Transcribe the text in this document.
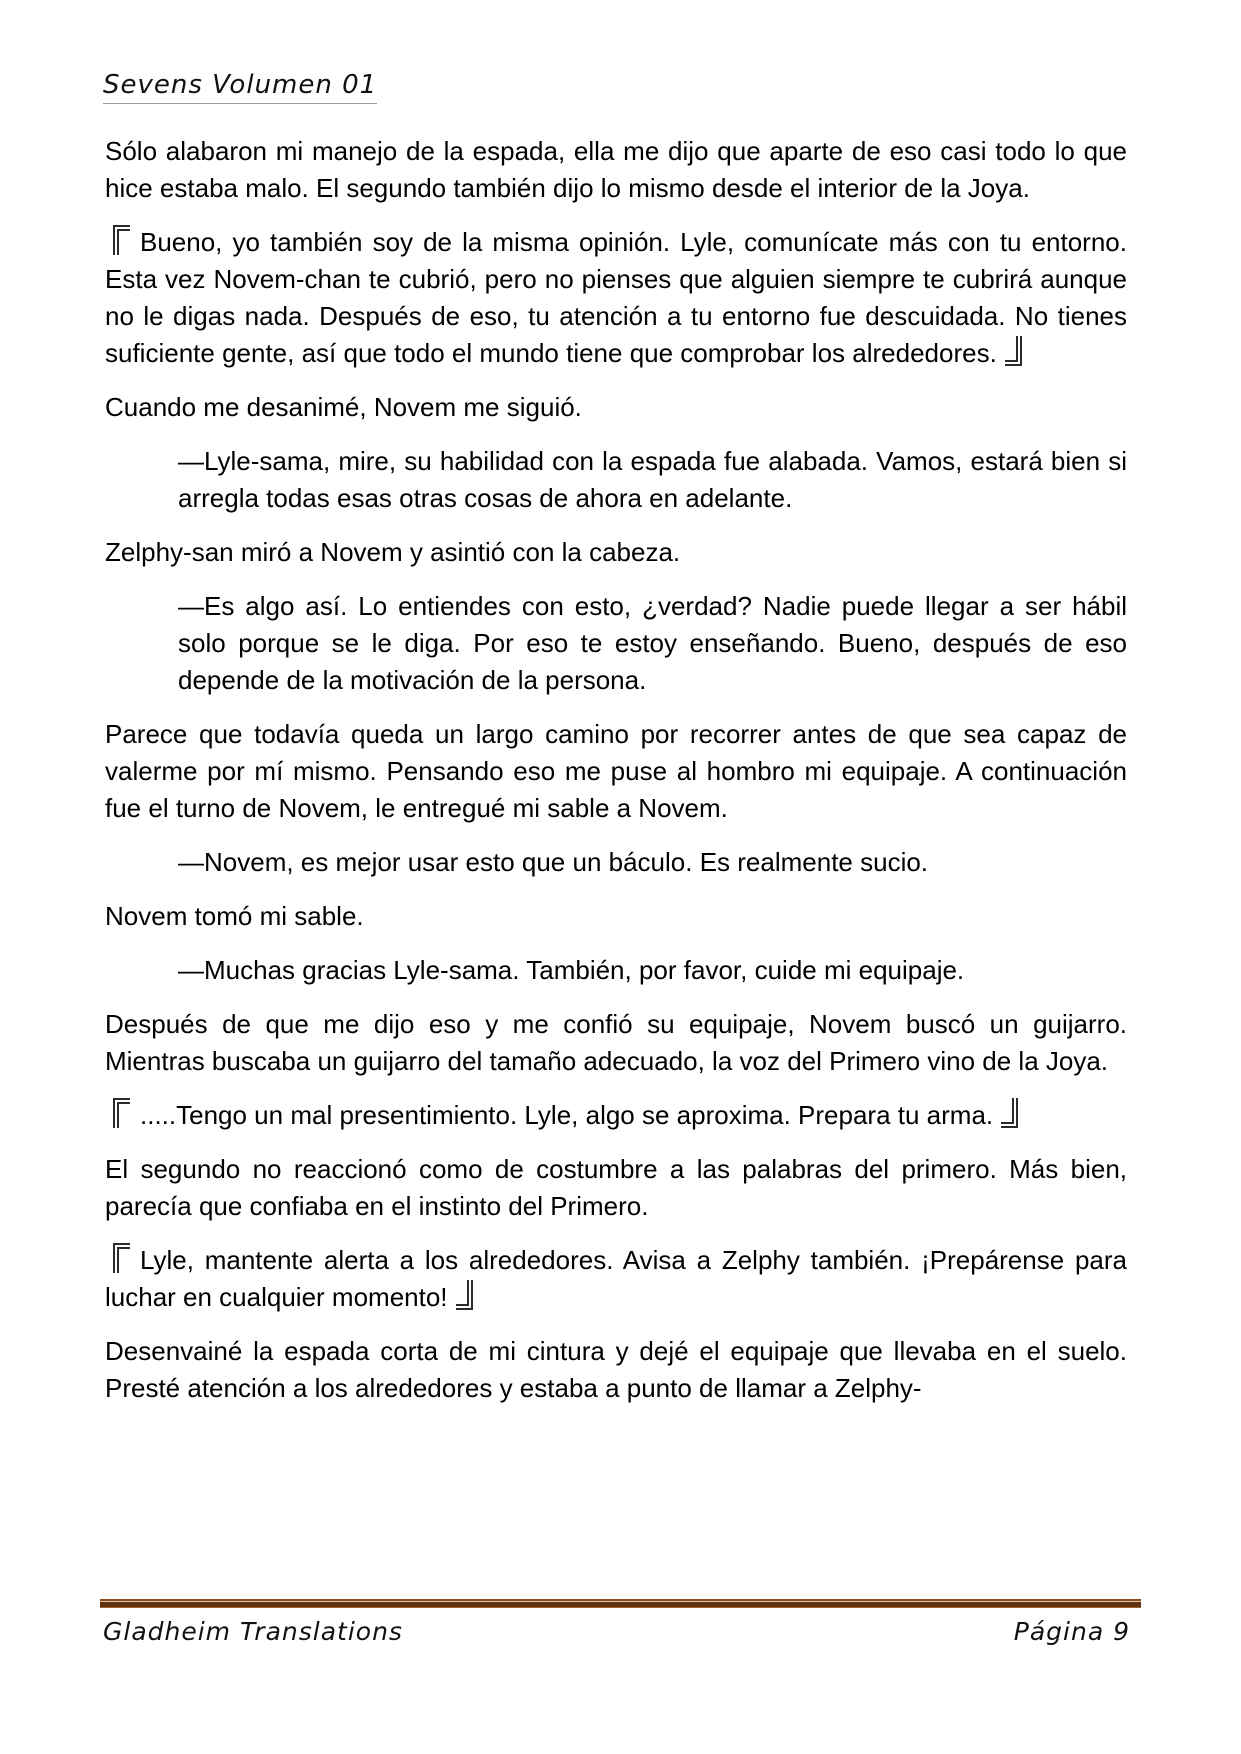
Sevens Volumen 01

Sólo alabaron mi manejo de la espada, ella me dijo que aparte de eso casi todo lo que hice estaba malo. El segundo también dijo lo mismo desde el interior de la Joya.

Bueno, yo también soy de la misma opinión. Lyle, comunícate más con tu entorno. Esta vez Novem-chan te cubrió, pero no pienses que alguien siempre te cubrirá aunque no le digas nada. Después de eso, tu atención a tu entorno fue descuidada. No tienes suficiente gente, así que todo el mundo tiene que comprobar los alrededores.

Cuando me desanimé, Novem me siguió.

—Lyle-sama, mire, su habilidad con la espada fue alabada. Vamos, estará bien si arregla todas esas otras cosas de ahora en adelante.

Zelphy-san miró a Novem y asintió con la cabeza.

—Es algo así. Lo entiendes con esto, ¿verdad? Nadie puede llegar a ser hábil solo porque se le diga. Por eso te estoy enseñando. Bueno, después de eso depende de la motivación de la persona.

Parece que todavía queda un largo camino por recorrer antes de que sea capaz de valerme por mí mismo. Pensando eso me puse al hombro mi equipaje. A continuación fue el turno de Novem, le entregué mi sable a Novem.

—Novem, es mejor usar esto que un báculo. Es realmente sucio.

Novem tomó mi sable.

—Muchas gracias Lyle-sama. También, por favor, cuide mi equipaje.

Después de que me dijo eso y me confió su equipaje, Novem buscó un guijarro. Mientras buscaba un guijarro del tamaño adecuado, la voz del Primero vino de la Joya.

.....Tengo un mal presentimiento. Lyle, algo se aproxima. Prepara tu arma.

El segundo no reaccionó como de costumbre a las palabras del primero. Más bien, parecía que confiaba en el instinto del Primero.

Lyle, mantente alerta a los alrededores. Avisa a Zelphy también. ¡Prepárense para luchar en cualquier momento!

Desenvainé la espada corta de mi cintura y dejé el equipaje que llevaba en el suelo. Presté atención a los alrededores y estaba a punto de llamar a Zelphy-

Gladheim Translations	Página 9
